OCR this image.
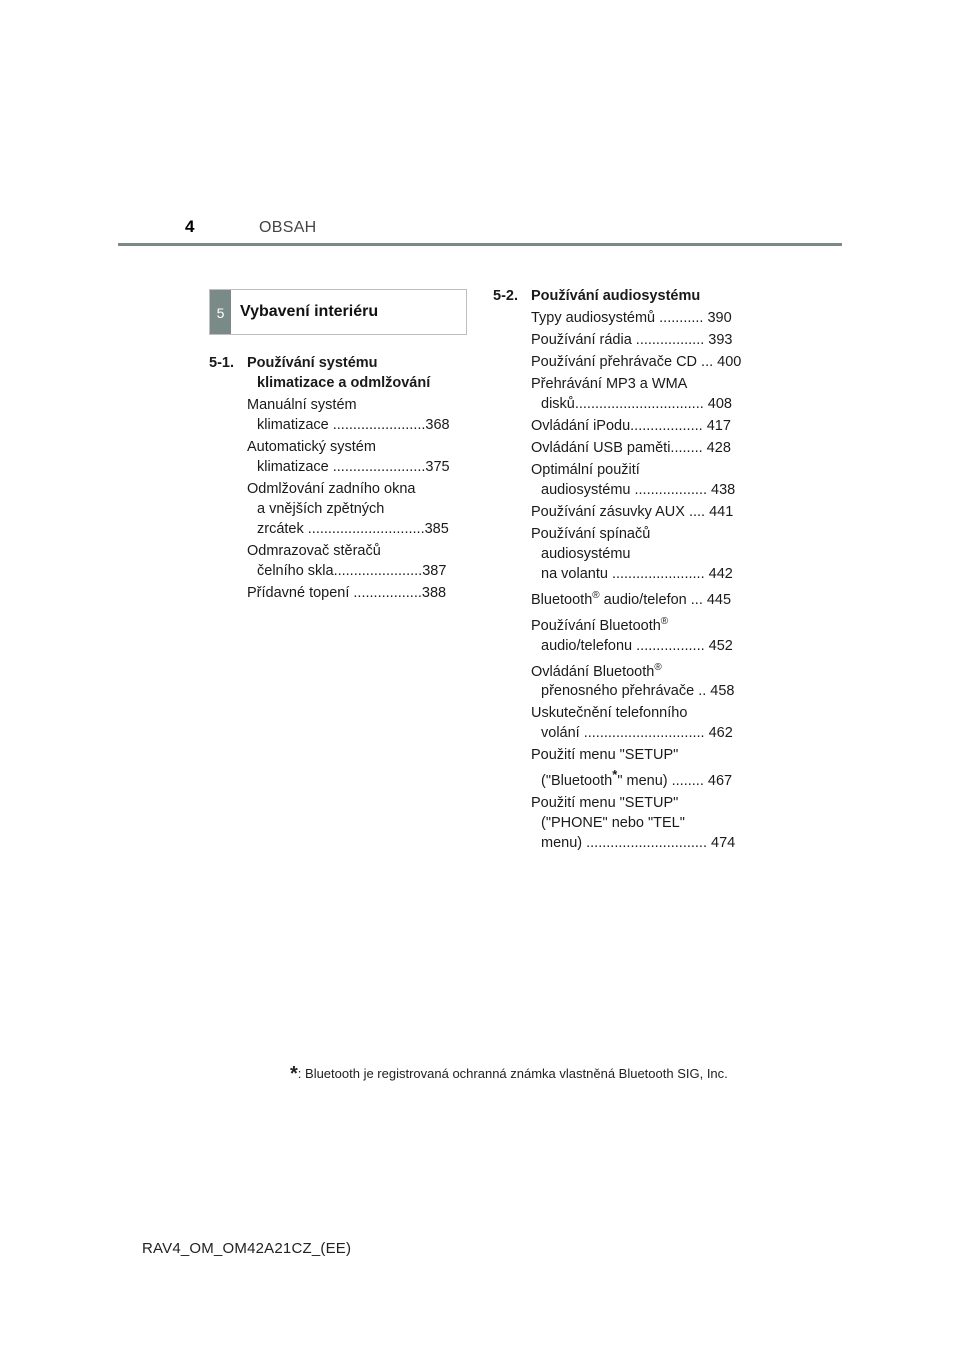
4	OBSAH
5 Vybavení interiéru
5-1. Používání systému
klimatizace a odmlžování
Manuální systém
klimatizace .......................368
Automatický systém
klimatizace .......................375
Odmlžování zadního okna
a vnějších zpětných
zrcátek .............................385
Odmrazovač stěračů
čelního skla......................387
Přídavné topení .................388
5-2. Používání audiosystému
Typy audiosystémů ........... 390
Používání rádia ................. 393
Používání přehrávače CD ... 400
Přehrávání MP3 a WMA
disků................................ 408
Ovládání iPodu.................. 417
Ovládání USB paměti........ 428
Optimální použití
audiosystému .................. 438
Používání zásuvky AUX .... 441
Používání spínačů
audiosystému
na volantu ....................... 442
Bluetooth® audio/telefon ... 445
Používání Bluetooth®
audio/telefonu ................. 452
Ovládání Bluetooth®
přenosného přehrávače .. 458
Uskutečnění telefonního
volání .............................. 462
Použití menu "SETUP"
("Bluetooth*" menu) ........ 467
Použití menu "SETUP"
("PHONE" nebo "TEL"
menu) .............................. 474
*: Bluetooth je registrovaná ochranná známka vlastněná Bluetooth SIG, Inc.
RAV4_OM_OM42A21CZ_(EE)
